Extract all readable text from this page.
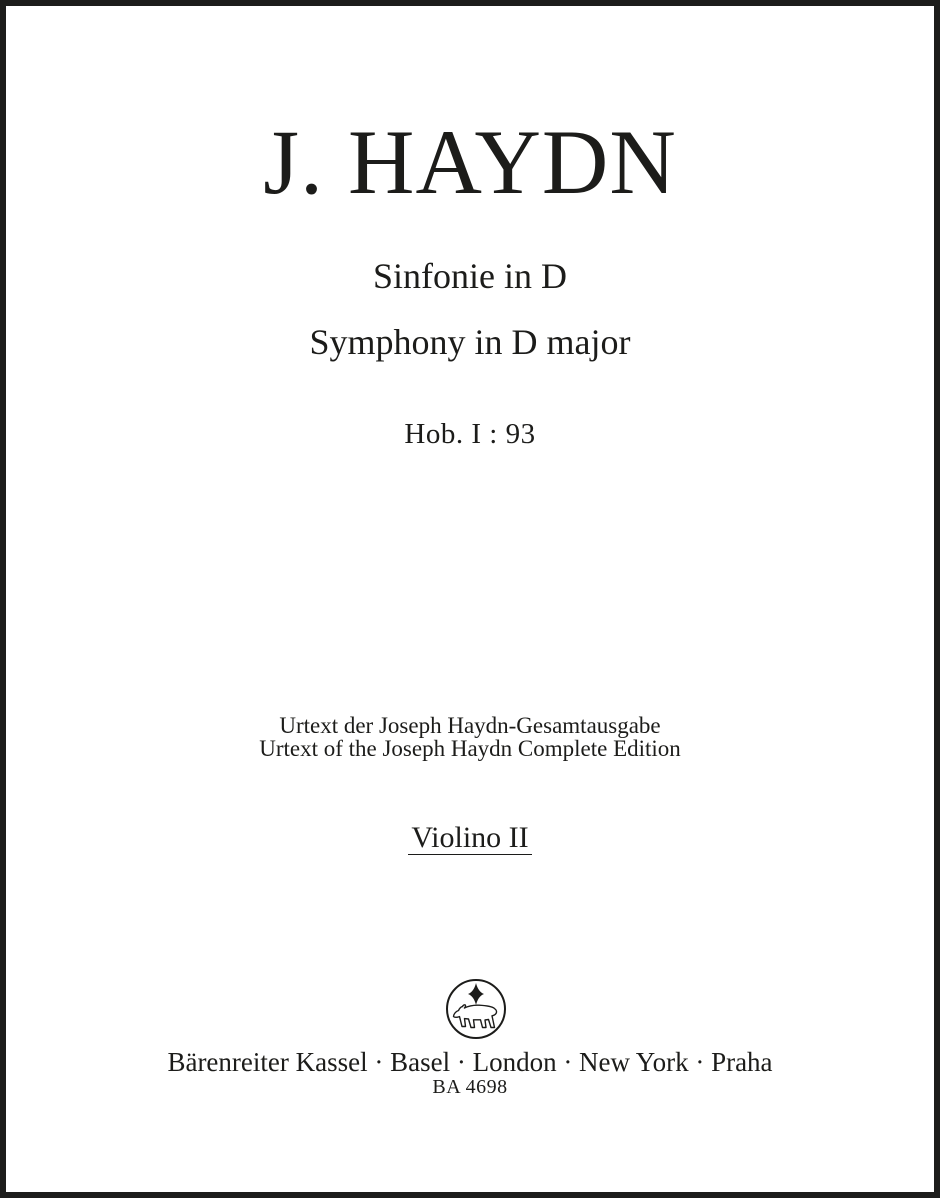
J. HAYDN
Sinfonie in D
Symphony in D major
Hob. I : 93
Urtext der Joseph Haydn-Gesamtausgabe
Urtext of the Joseph Haydn Complete Edition
Violino II
Bärenreiter Kassel · Basel · London · New York · Praha
BA 4698
